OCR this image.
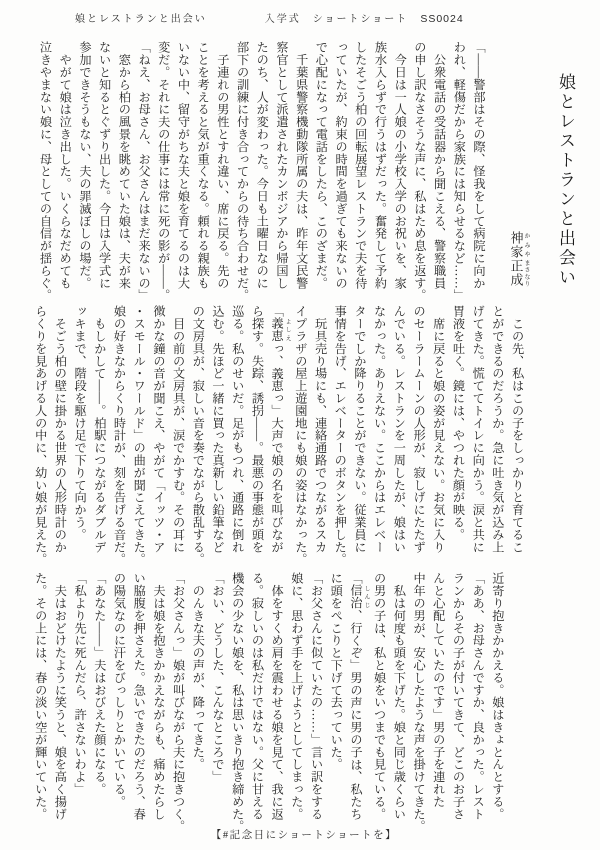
娘とレストランと出会い	入学式　ショートショート SS0024
「――警部はその際、怪我をして病院に向か
われ、軽傷だから家族には知らせるなど……」
　公衆電話の受話器から聞こえる、警察職員
の申し訳なさそうな声に、私はため息を返す。
　今日は一人娘の小学校入学のお祝いを、家
族水入らずで行うはずだった。奮発して予約
したそごう柏の回転展望レストランで夫を待
っていたが、約束の時間を過ぎても来ないの
で心配になって電話をしたら、このざまだ。
　千葉県警察機動隊所属の夫は、昨年文民警
察官として派遣されたカンボジアから帰国し
たのち、人が変わった。今日も土曜日なのに
部下の訓練に付き合ってからの待ち合わせだ。
　子連れの男性とすれ違い、席に戻る。先の
ことを考えると気が重くなる。頼れる親族も
いない中、留守がちな夫と娘を育てるのは大
変だ。それに夫の仕事には常に死の影が――。
「ねえ、お母さん、お父さんはまだ来ないの」
　窓から柏の風景を眺めていた娘は、夫が来
ないと知るとぐずり出した。今日は入学式に
参加できそうもない、夫の罪滅ぼしの場だ。
　やがて娘は泣き出した。いくらなだめても
泣きやまない娘に、母としての自信が揺らぐ。	娘とレストランと出会い
神家 かみや正成 まさなり
　この先、私はこの子をしっかりと育てるこ
とができるのだろうか。急に吐き気が込み上
げてきた。慌ててトイレに向かう。涙と共に
胃液を吐く。鏡には、やつれた顔が映る。
　席に戻ると娘の姿が見えない。お気に入り
のセーラームーンの人形が、寂しげにたたず
んでいる。レストランを一周したが、娘はい
なかった。ありえない。ここからはエレベー
ターでしか降りることができない。従業員に
事情を告げ、エレベーターのボタンを押した。
　玩具売り場にも、連絡通路でつながるスカ
イプラザの屋上遊園地にも娘の姿はなかった。
「義恵 よしえっ、義恵っ」大声で娘の名を叫びなが
ら探す。失踪、誘拐――。最悪の事態が頭を
巡る。私のせいだ。足がもつれ、通路に倒れ
込む。先ほど一緒に買った真新しい鉛筆など
の文房具が、寂しい音を奏でながら散乱する。
　目の前の文房具が、涙でかすむ。その耳に
微かな鐘の音が聞こえ、やがて「イッツ・ア
・スモール・ワールド」の曲が聞こえてきた。
娘の好きなからくり時計が、刻を告げる音だ。
　もしかして――。柏駅につながるダブルデ
ッキまで、階段を駆け足で下りて向かう。
　そごう柏の壁に掛かる世界の人形時計のか
らくりを見あげる人の中に、幼い娘が見えた。
近寄り抱きかかえる。娘はきょとんとする。
「ああ、お母さんですか、良かった。レスト
ランからその子が付いてきて、どこのお子さ
んと心配していたのです」男の子を連れた
中年の男が、安心したような声を掛けてきた。
　私は何度も頭を下げた。娘と同じ歳くらい
の男の子は、私と娘をいつまでも見ている。
「信治 しんじ、行くぞ」男の声に男の子は、私たち
に頭をぺこりと下げて去っていた。
「お父さんに似ていたの……」言い訳をする
娘に、思わず手を上げようとしてしまった。
　体をすくめ肩を震わせる娘を見て、我に返
る。寂しいのは私だけではない。父に甘える
機会の少ない娘を、私は思いきり抱き締めた。
「おい、どうした、こんなところで」
　のんきな夫の声が、降ってきた。
「お父さんっ」娘が叫びながら夫に抱きつく。
　夫は娘を抱きかかえながらも、痛めたらし
い脇腹を押さえた。急いできたのだろう、春
の陽気なのに汗をびっしりとかいている。
「あなた――」夫はおびえた顔になる。
「私より先に死んだら、許さないわよ」
　夫はおどけたように笑うと、娘を高く揚げ
た。その上には、春の淡い空が輝いていた。
【#記念日にショートショートを】
